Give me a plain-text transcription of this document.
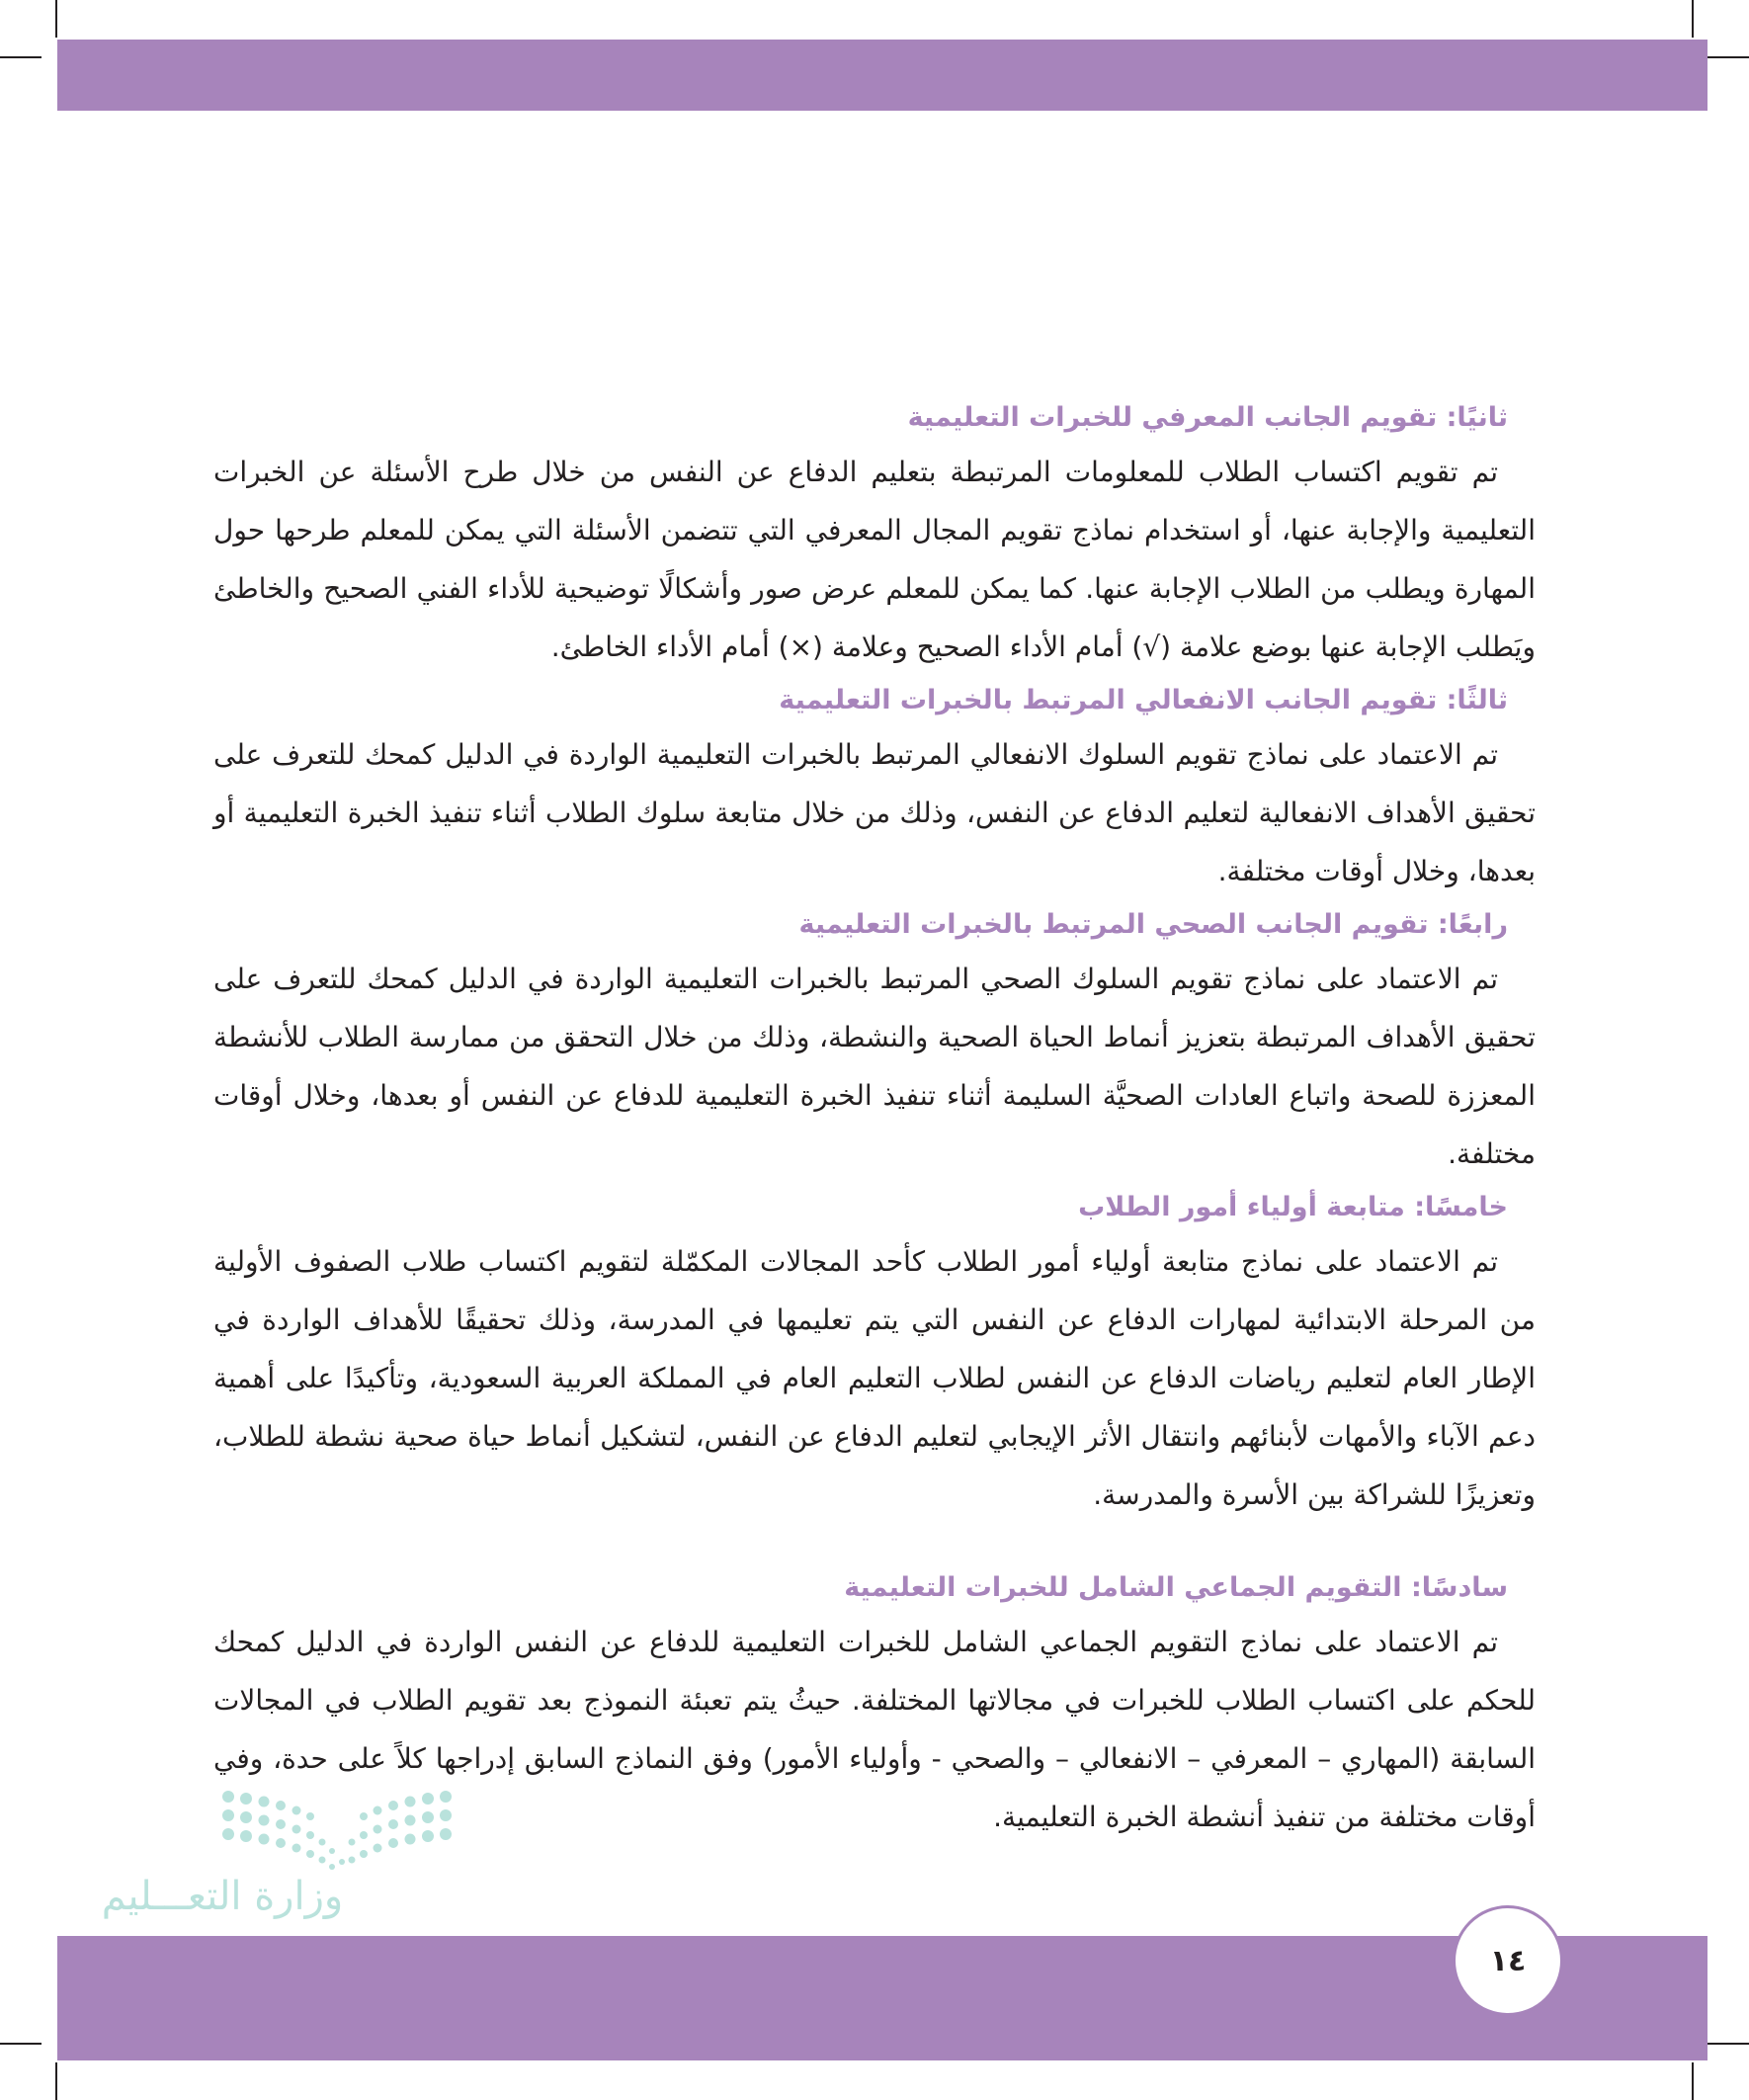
ثانيًا: تقويم الجانب المعرفي للخبرات التعليمية

تم تقويم اكتساب الطلاب للمعلومات المرتبطة بتعليم الدفاع عن النفس من خلال طرح الأسئلة عن الخبرات التعليمية والإجابة عنها، أو استخدام نماذج تقويم المجال المعرفي التي تتضمن الأسئلة التي يمكن للمعلم طرحها حول المهارة ويطلب من الطلاب الإجابة عنها. كما يمكن للمعلم عرض صور وأشكالًا توضيحية للأداء الفني الصحيح والخاطئ ويَطلب الإجابة عنها بوضع علامة (√) أمام الأداء الصحيح وعلامة (×) أمام الأداء الخاطئ.

ثالثًا: تقويم الجانب الانفعالي المرتبط بالخبرات التعليمية

تم الاعتماد على نماذج تقويم السلوك الانفعالي المرتبط بالخبرات التعليمية الواردة في الدليل كمحك للتعرف على تحقيق الأهداف الانفعالية لتعليم الدفاع عن النفس، وذلك من خلال متابعة سلوك الطلاب أثناء تنفيذ الخبرة التعليمية أو بعدها، وخلال أوقات مختلفة.

رابعًا: تقويم الجانب الصحي المرتبط بالخبرات التعليمية

تم الاعتماد على نماذج تقويم السلوك الصحي المرتبط بالخبرات التعليمية الواردة في الدليل كمحك للتعرف على تحقيق الأهداف المرتبطة بتعزيز أنماط الحياة الصحية والنشطة، وذلك من خلال التحقق من ممارسة الطلاب للأنشطة المعززة للصحة واتباع العادات الصحيَّة السليمة أثناء تنفيذ الخبرة التعليمية للدفاع عن النفس أو بعدها، وخلال أوقات مختلفة.

خامسًا: متابعة أولياء أمور الطلاب

تم الاعتماد على نماذج متابعة أولياء أمور الطلاب كأحد المجالات المكمّلة لتقويم اكتساب طلاب الصفوف الأولية من المرحلة الابتدائية لمهارات الدفاع عن النفس التي يتم تعليمها في المدرسة، وذلك تحقيقًا للأهداف الواردة في الإطار العام لتعليم رياضات الدفاع عن النفس لطلاب التعليم العام في المملكة العربية السعودية، وتأكيدًا على أهمية دعم الآباء والأمهات لأبنائهم وانتقال الأثر الإيجابي لتعليم الدفاع عن النفس، لتشكيل أنماط حياة صحية نشطة للطلاب، وتعزيزًا للشراكة بين الأسرة والمدرسة.

سادسًا: التقويم الجماعي الشامل للخبرات التعليمية

تم الاعتماد على نماذج التقويم الجماعي الشامل للخبرات التعليمية للدفاع عن النفس الواردة في الدليل كمحك للحكم على اكتساب الطلاب للخبرات في مجالاتها المختلفة. حيثُ يتم تعبئة النموذج بعد تقويم الطلاب في المجالات السابقة (المهاري – المعرفي – الانفعالي – والصحي - وأولياء الأمور) وفق النماذج السابق إدراجها كلاً على حدة، وفي أوقات مختلفة من تنفيذ أنشطة الخبرة التعليمية.

وزارة التعـــليم
١٤
